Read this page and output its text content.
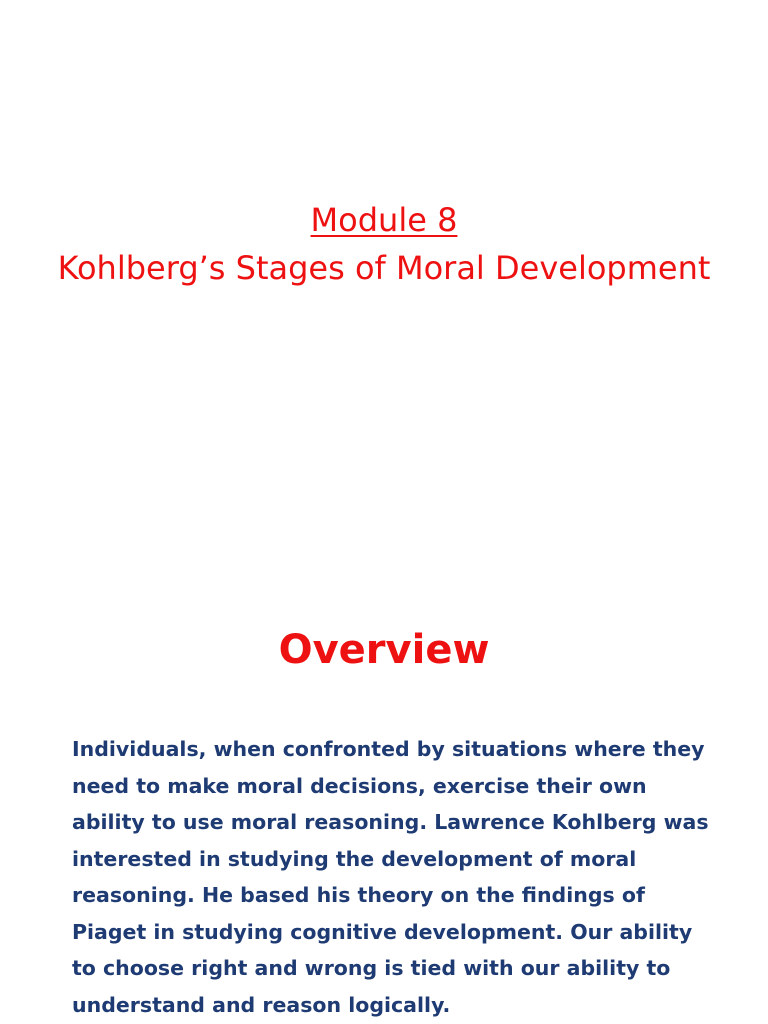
Module 8
Kohlberg’s Stages of Moral Development
Overview
Individuals, when confronted by situations where they need to make moral decisions, exercise their own ability to use moral reasoning. Lawrence Kohlberg was interested in studying the development of moral reasoning. He based his theory on the findings of Piaget in studying cognitive development. Our ability to choose right and wrong is tied with our ability to understand and reason logically.
